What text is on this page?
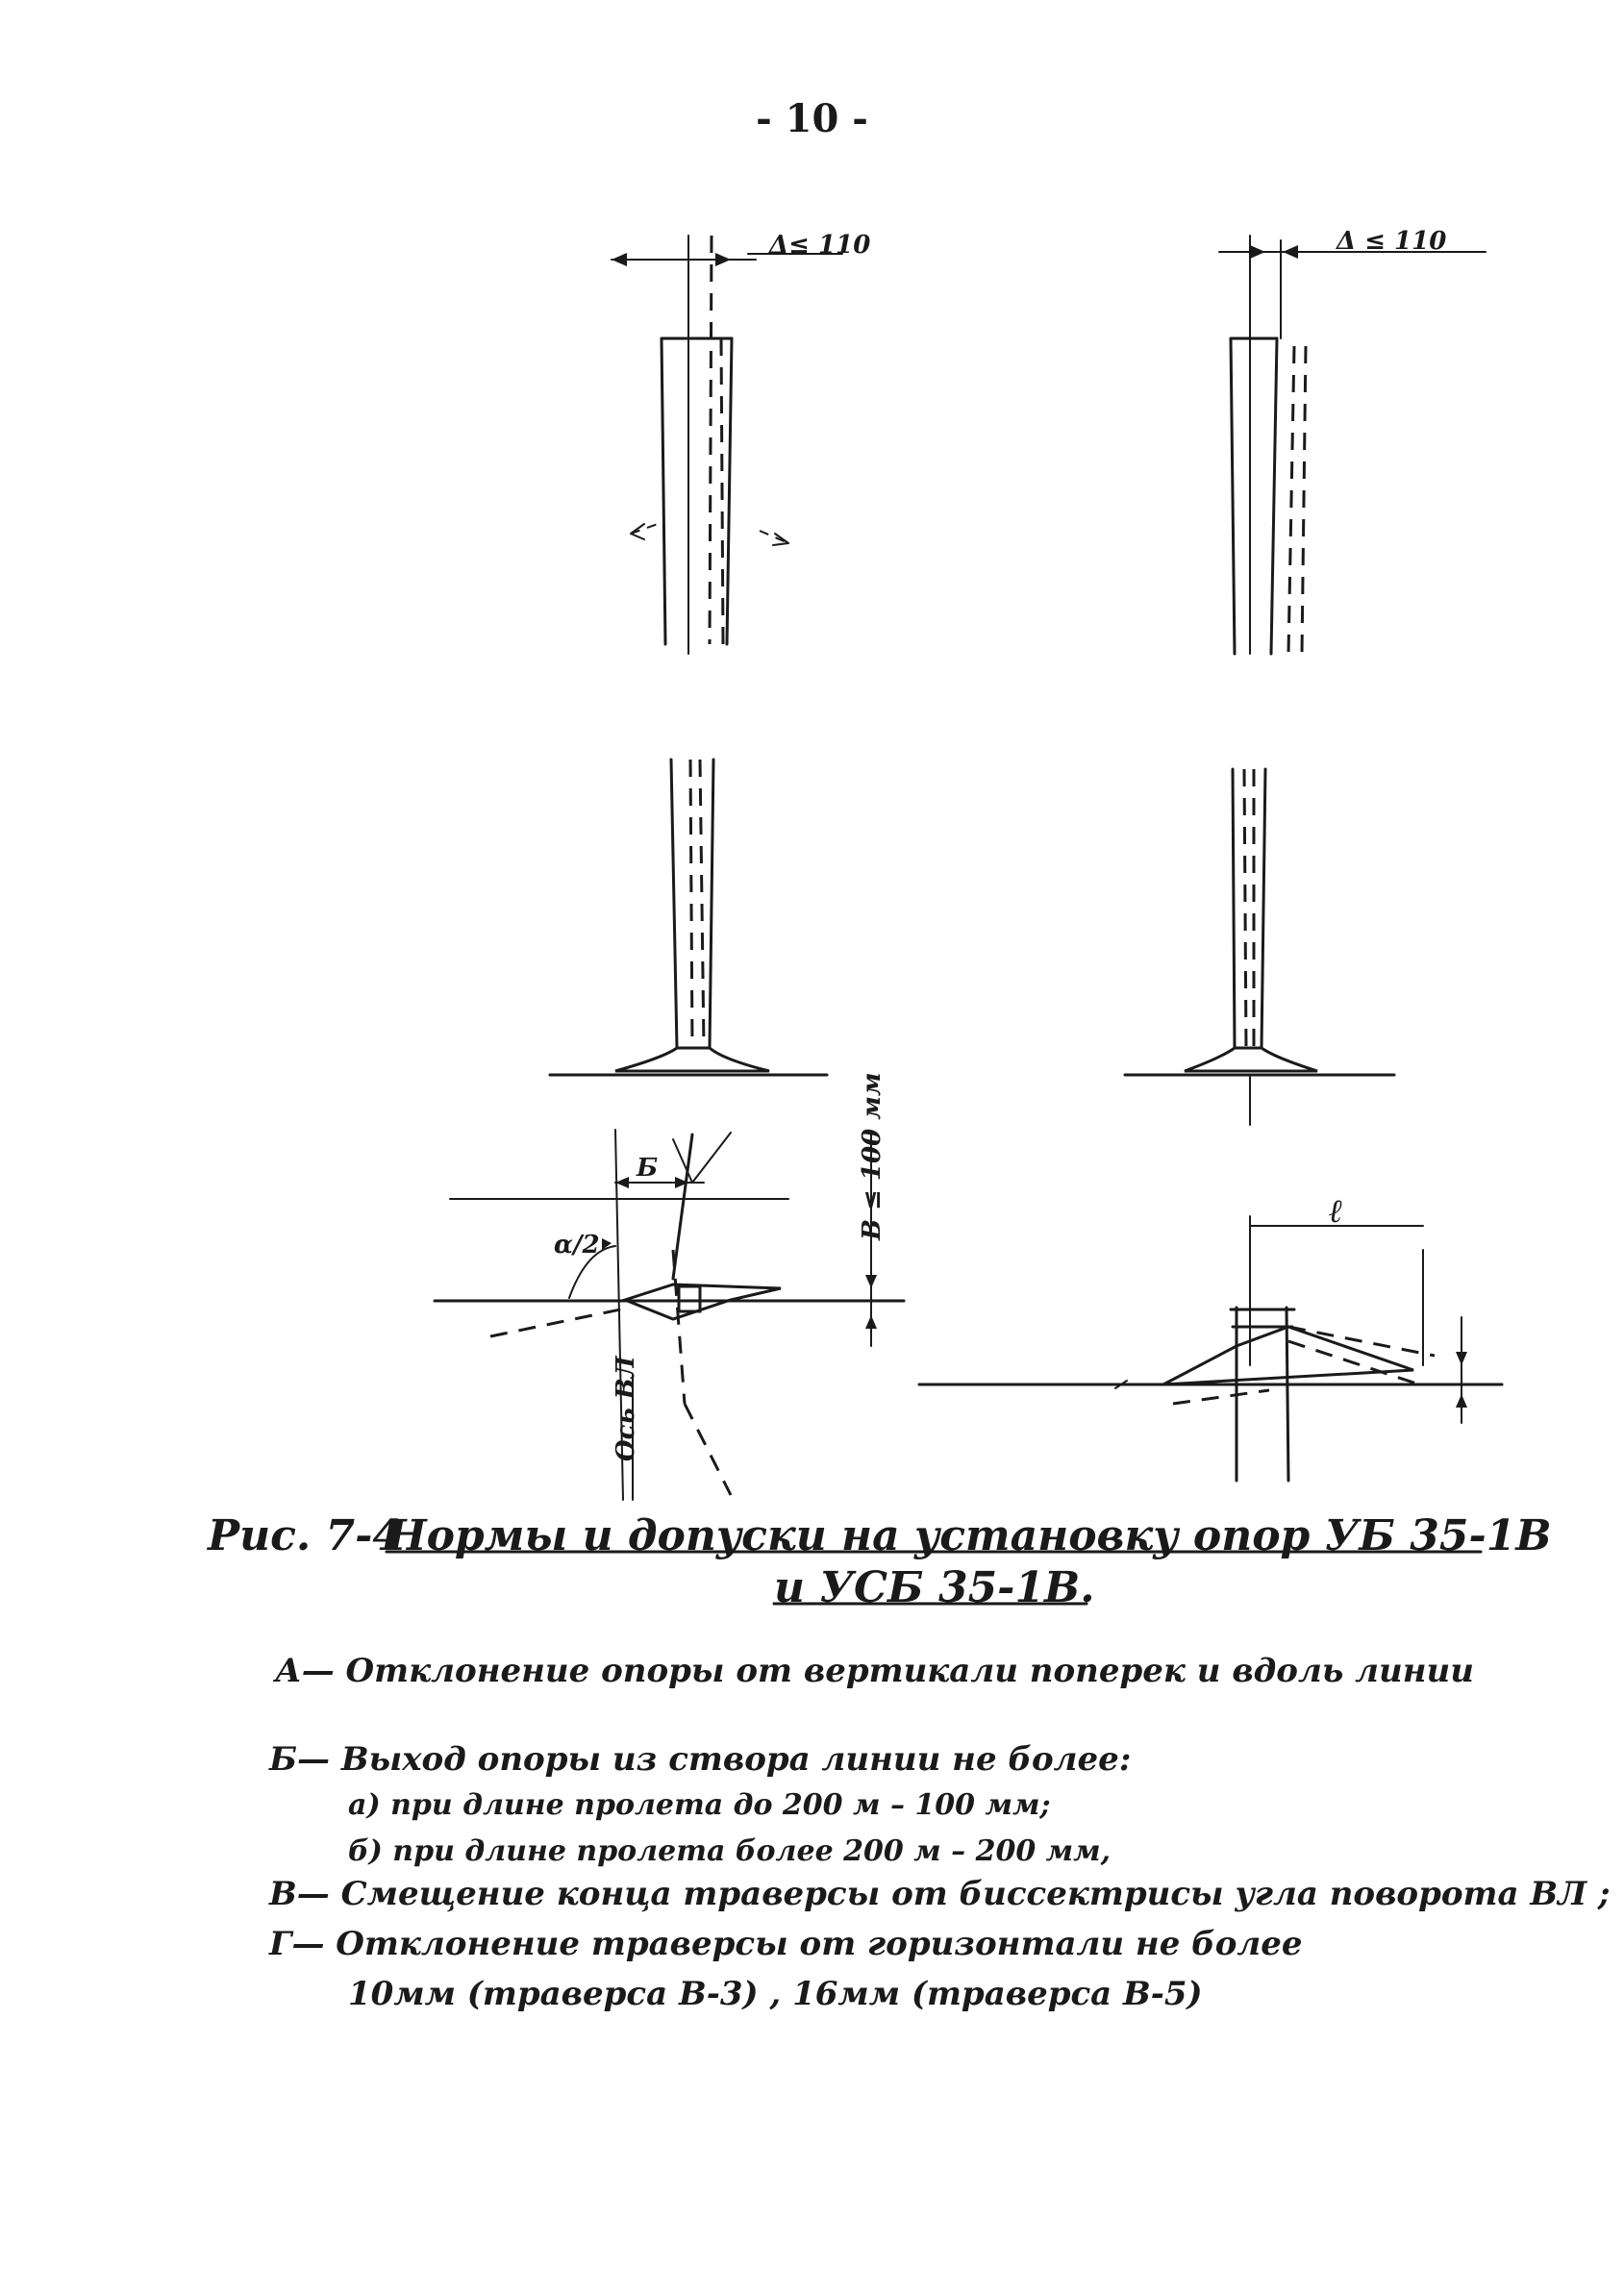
- 10 -
Δ≤ 110	Δ ≤ 110
Б
α/2
В ≤ 100 мм
Ось ВЛ
ℓ
Рис. 7-4
Нормы и допуски на установку опор УБ 35-1В
и УСБ 35-1В.
А— Отклонение опоры от вертикали поперек и вдоль линии
Б— Выход опоры из створа линии не более:
а) при длине пролета до 200 м – 100 мм;
б) при длине пролета более 200 м – 200 мм,
В— Смещение конца траверсы от биссектрисы угла поворота ВЛ ;
Г— Отклонение траверсы от горизонтали не более
10мм (траверса В-3) , 16мм (траверса В-5)
